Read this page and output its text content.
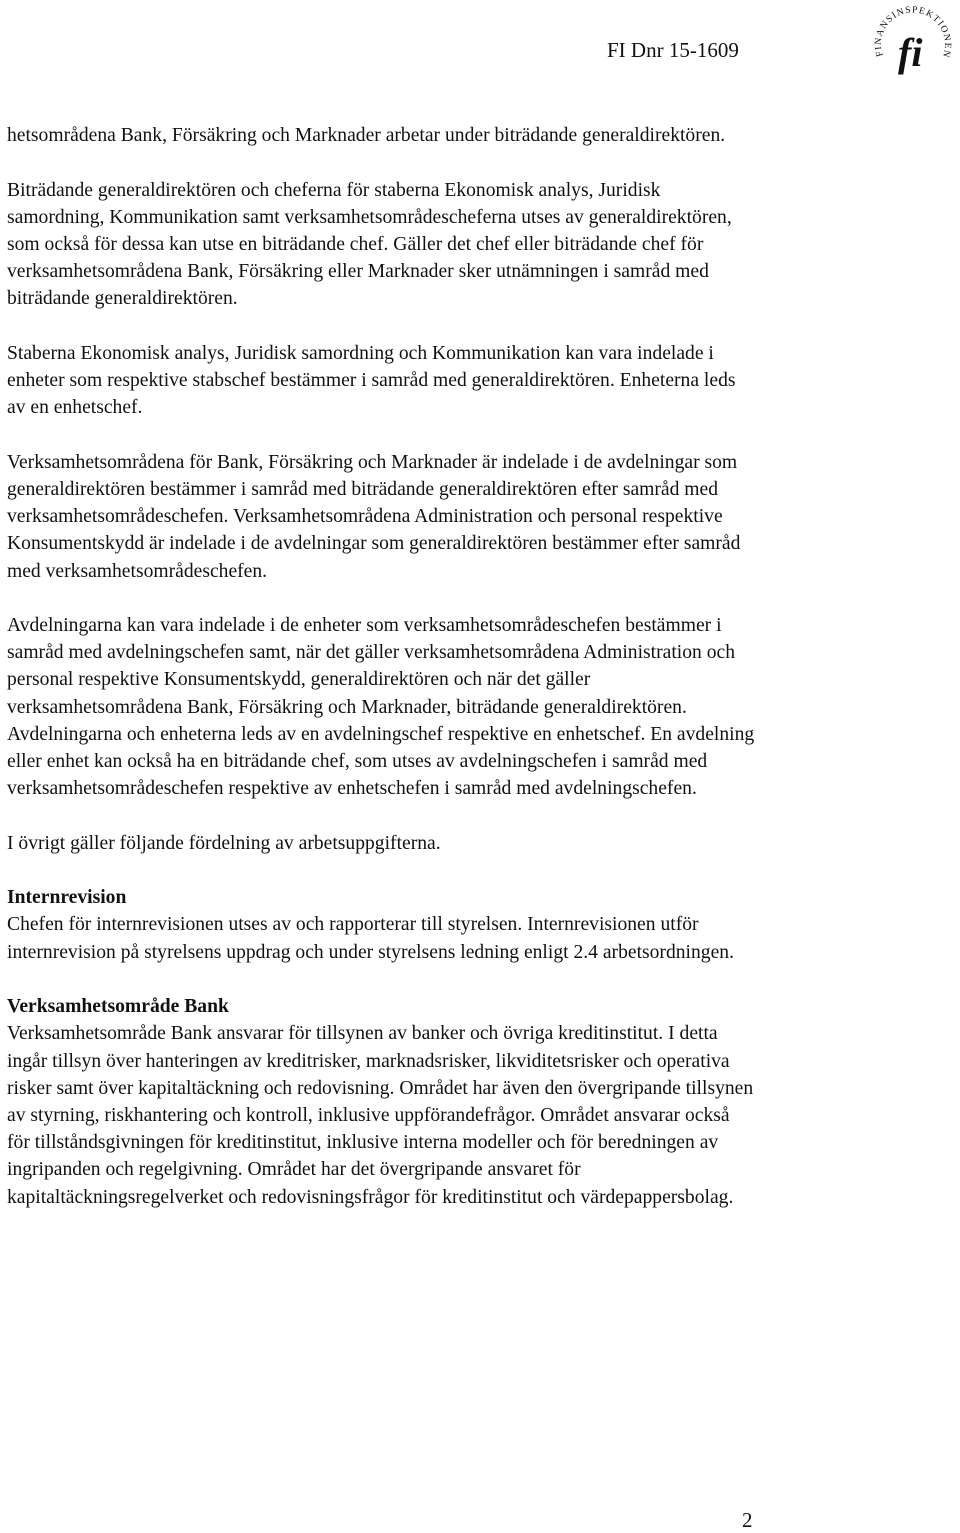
FI Dnr 15-1609	FINANSINSPEKTIONEN
fi

hetsområdena Bank, Försäkring och Marknader arbetar under biträdande generaldirektören.

Biträdande generaldirektören och cheferna för staberna Ekonomisk analys, Juridisk samordning, Kommunikation samt verksamhetsområdescheferna utses av generaldirektören, som också för dessa kan utse en biträdande chef. Gäller det chef eller biträdande chef för verksamhetsområdena Bank, Försäkring eller Marknader sker utnämningen i samråd med biträdande generaldirektören.

Staberna Ekonomisk analys, Juridisk samordning och Kommunikation kan vara indelade i enheter som respektive stabschef bestämmer i samråd med generaldirektören. Enheterna leds av en enhetschef.

Verksamhetsområdena för Bank, Försäkring och Marknader är indelade i de avdelningar som generaldirektören bestämmer i samråd med biträdande generaldirektören efter samråd med verksamhetsområdeschefen. Verksamhetsområdena Administration och personal respektive Konsumentskydd är indelade i de avdelningar som generaldirektören bestämmer efter samråd med verksamhetsområdeschefen.

Avdelningarna kan vara indelade i de enheter som verksamhetsområdeschefen bestämmer i samråd med avdelningschefen samt, när det gäller verksamhetsområdena Administration och personal respektive Konsumentskydd, generaldirektören och när det gäller verksamhetsområdena Bank, Försäkring och Marknader, biträdande generaldirektören. Avdelningarna och enheterna leds av en avdelningschef respektive en enhetschef. En avdelning eller enhet kan också ha en biträdande chef, som utses av avdelningschefen i samråd med verksamhetsområdeschefen respektive av enhetschefen i samråd med avdelningschefen.

I övrigt gäller följande fördelning av arbetsuppgifterna.

Internrevision

Chefen för internrevisionen utses av och rapporterar till styrelsen. Internrevisionen utför internrevision på styrelsens uppdrag och under styrelsens ledning enligt 2.4 arbetsordningen.

Verksamhetsområde Bank

Verksamhetsområde Bank ansvarar för tillsynen av banker och övriga kreditinstitut. I detta ingår tillsyn över hanteringen av kreditrisker, marknadsrisker, likviditetsrisker och operativa risker samt över kapitaltäckning och redovisning. Området har även den övergripande tillsynen av styrning, riskhantering och kontroll, inklusive uppförandefrågor. Området ansvarar också för tillståndsgivningen för kreditinstitut, inklusive interna modeller och för beredningen av ingripanden och regelgivning. Området har det övergripande ansvaret för kapitaltäckningsregelverket och redovisningsfrågor för kreditinstitut och värdepappersbolag.

2
